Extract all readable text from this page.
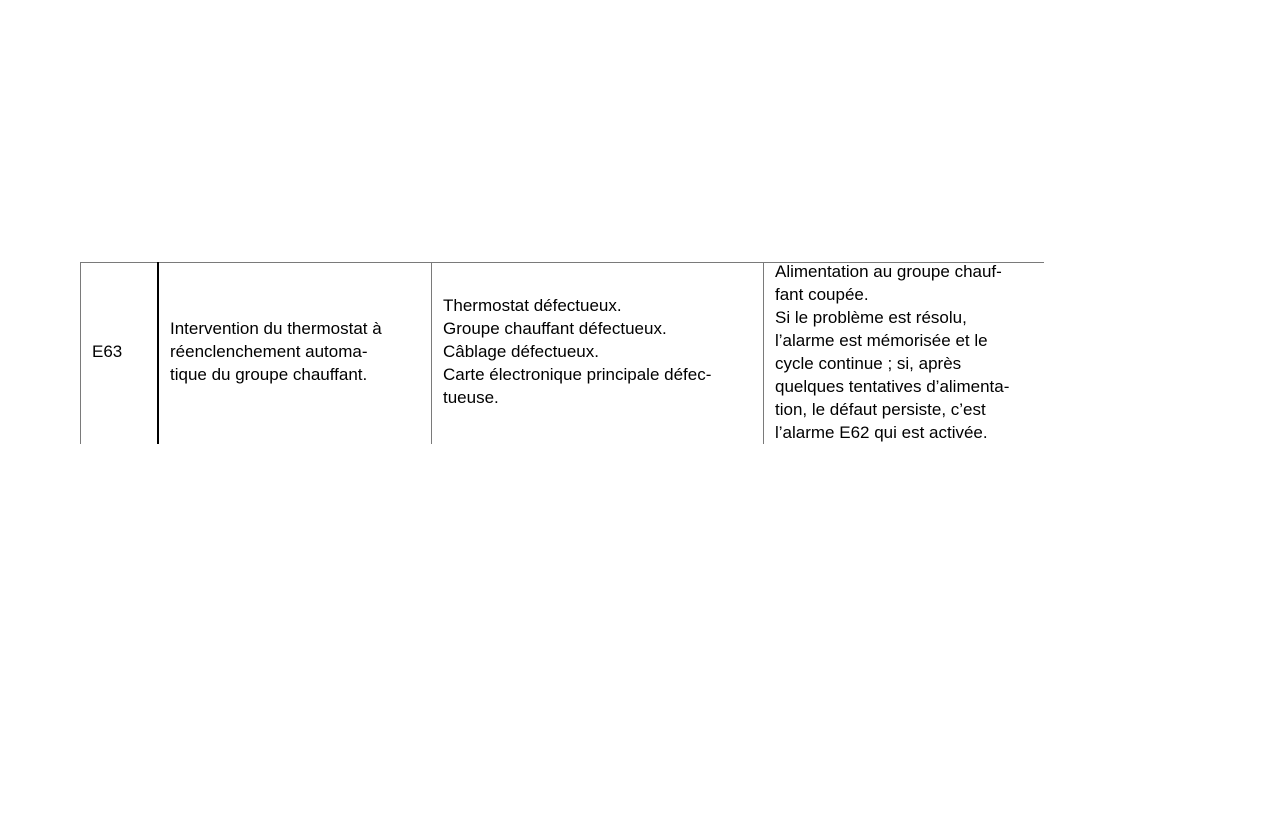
E63
Intervention du thermostat à
réenclenchement automa-
tique du groupe chauffant.
Thermostat défectueux.
Groupe chauffant défectueux.
Câblage défectueux.
Carte électronique principale défec-
tueuse.
Alimentation au groupe chauf-
fant coupée.
Si le problème est résolu,
l’alarme est mémorisée et le
cycle continue ; si, après
quelques tentatives d’alimenta-
tion, le défaut persiste, c’est
l’alarme E62 qui est activée.
